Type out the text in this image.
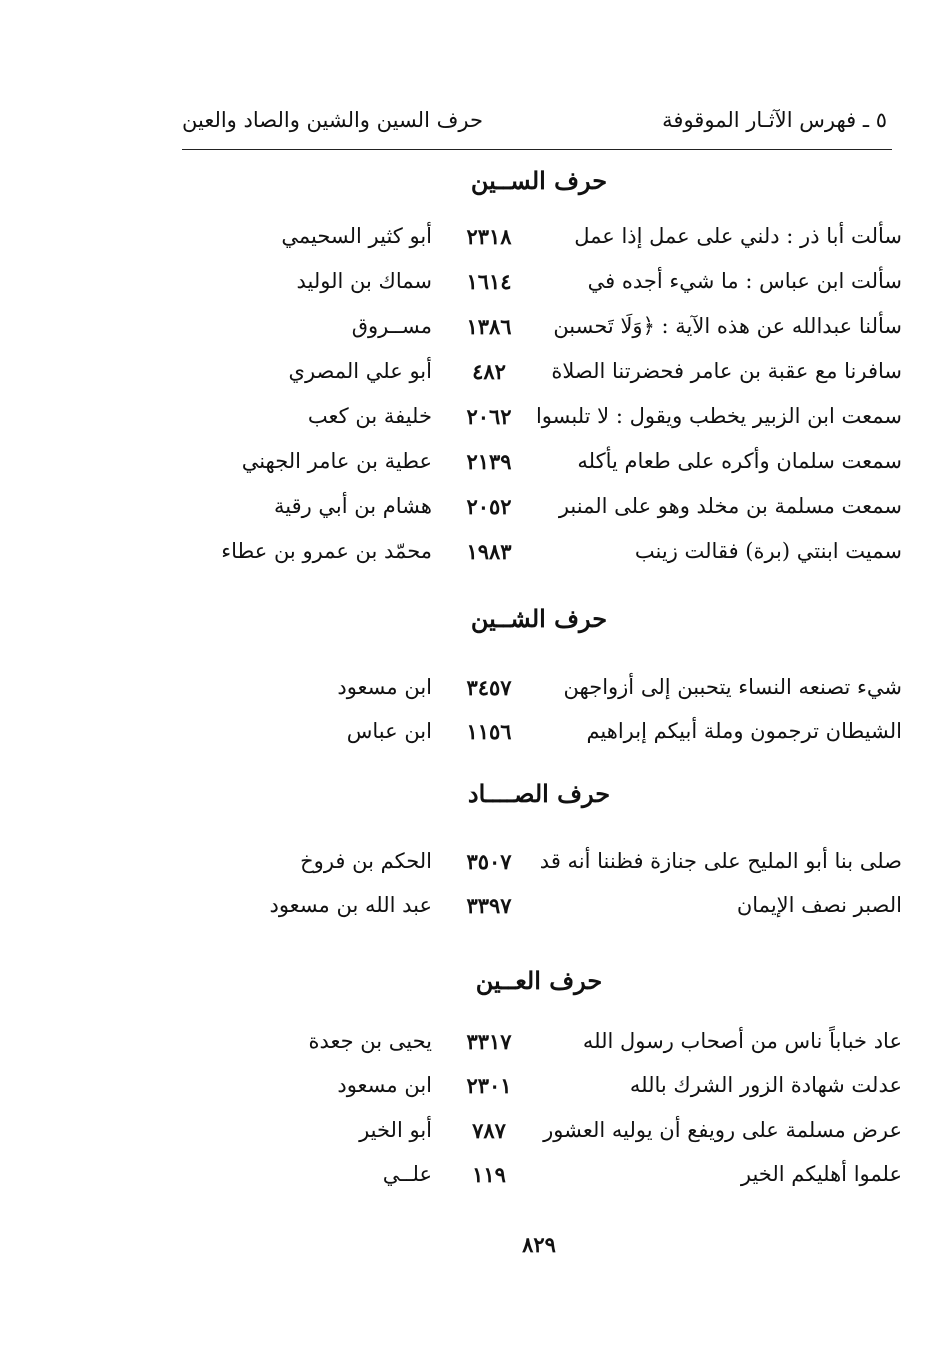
٥ ـ فهرس الآثـار الموقوفة
حرف السين والشين والصاد والعين
حرف الســين
سألت أبا ذر : دلني على عمل إذا عمل
٢٣١٨
أبو كثير السحيمي
سألت ابن عباس : ما شيء أجده في
١٦١٤
سماك بن الوليد
سألنا عبدالله عن هذه الآية : ﴿وَلَا تَحسبن
١٣٨٦
مســروق
سافرنا مع عقبة بن عامر فحضرتنا الصلاة
٤٨٢
أبو علي المصري
سمعت ابن الزبير يخطب ويقول : لا تلبسوا
٢٠٦٢
خليفة بن كعب
سمعت سلمان وأكره على طعام يأكله
٢١٣٩
عطية بن عامر الجهني
سمعت مسلمة بن مخلد وهو على المنبر
٢٠٥٢
هشام بن أبي رقية
سميت ابنتي (برة) فقالت زينب
١٩٨٣
محمّد بن عمرو بن عطاء
حرف الشــين
شيء تصنعه النساء يتحببن إلى أزواجهن
٣٤٥٧
ابن مسعود
الشيطان ترجمون وملة أبيكم إبراهيم
١١٥٦
ابن عباس
حرف الصــــاد
صلى بنا أبو المليح على جنازة فظننا أنه قد
٣٥٠٧
الحكم بن فروخ
الصبر نصف الإيمان
٣٣٩٧
عبد الله بن مسعود
حرف العــين
عاد خباباً ناس من أصحاب رسول الله
٣٣١٧
يحيى بن جعدة
عدلت شهادة الزور الشرك بالله
٢٣٠١
ابن مسعود
عرض مسلمة على رويفع أن يوليه العشور
٧٨٧
أبو الخير
علموا أهليكم الخير
١١٩
علــي
٨٢٩
